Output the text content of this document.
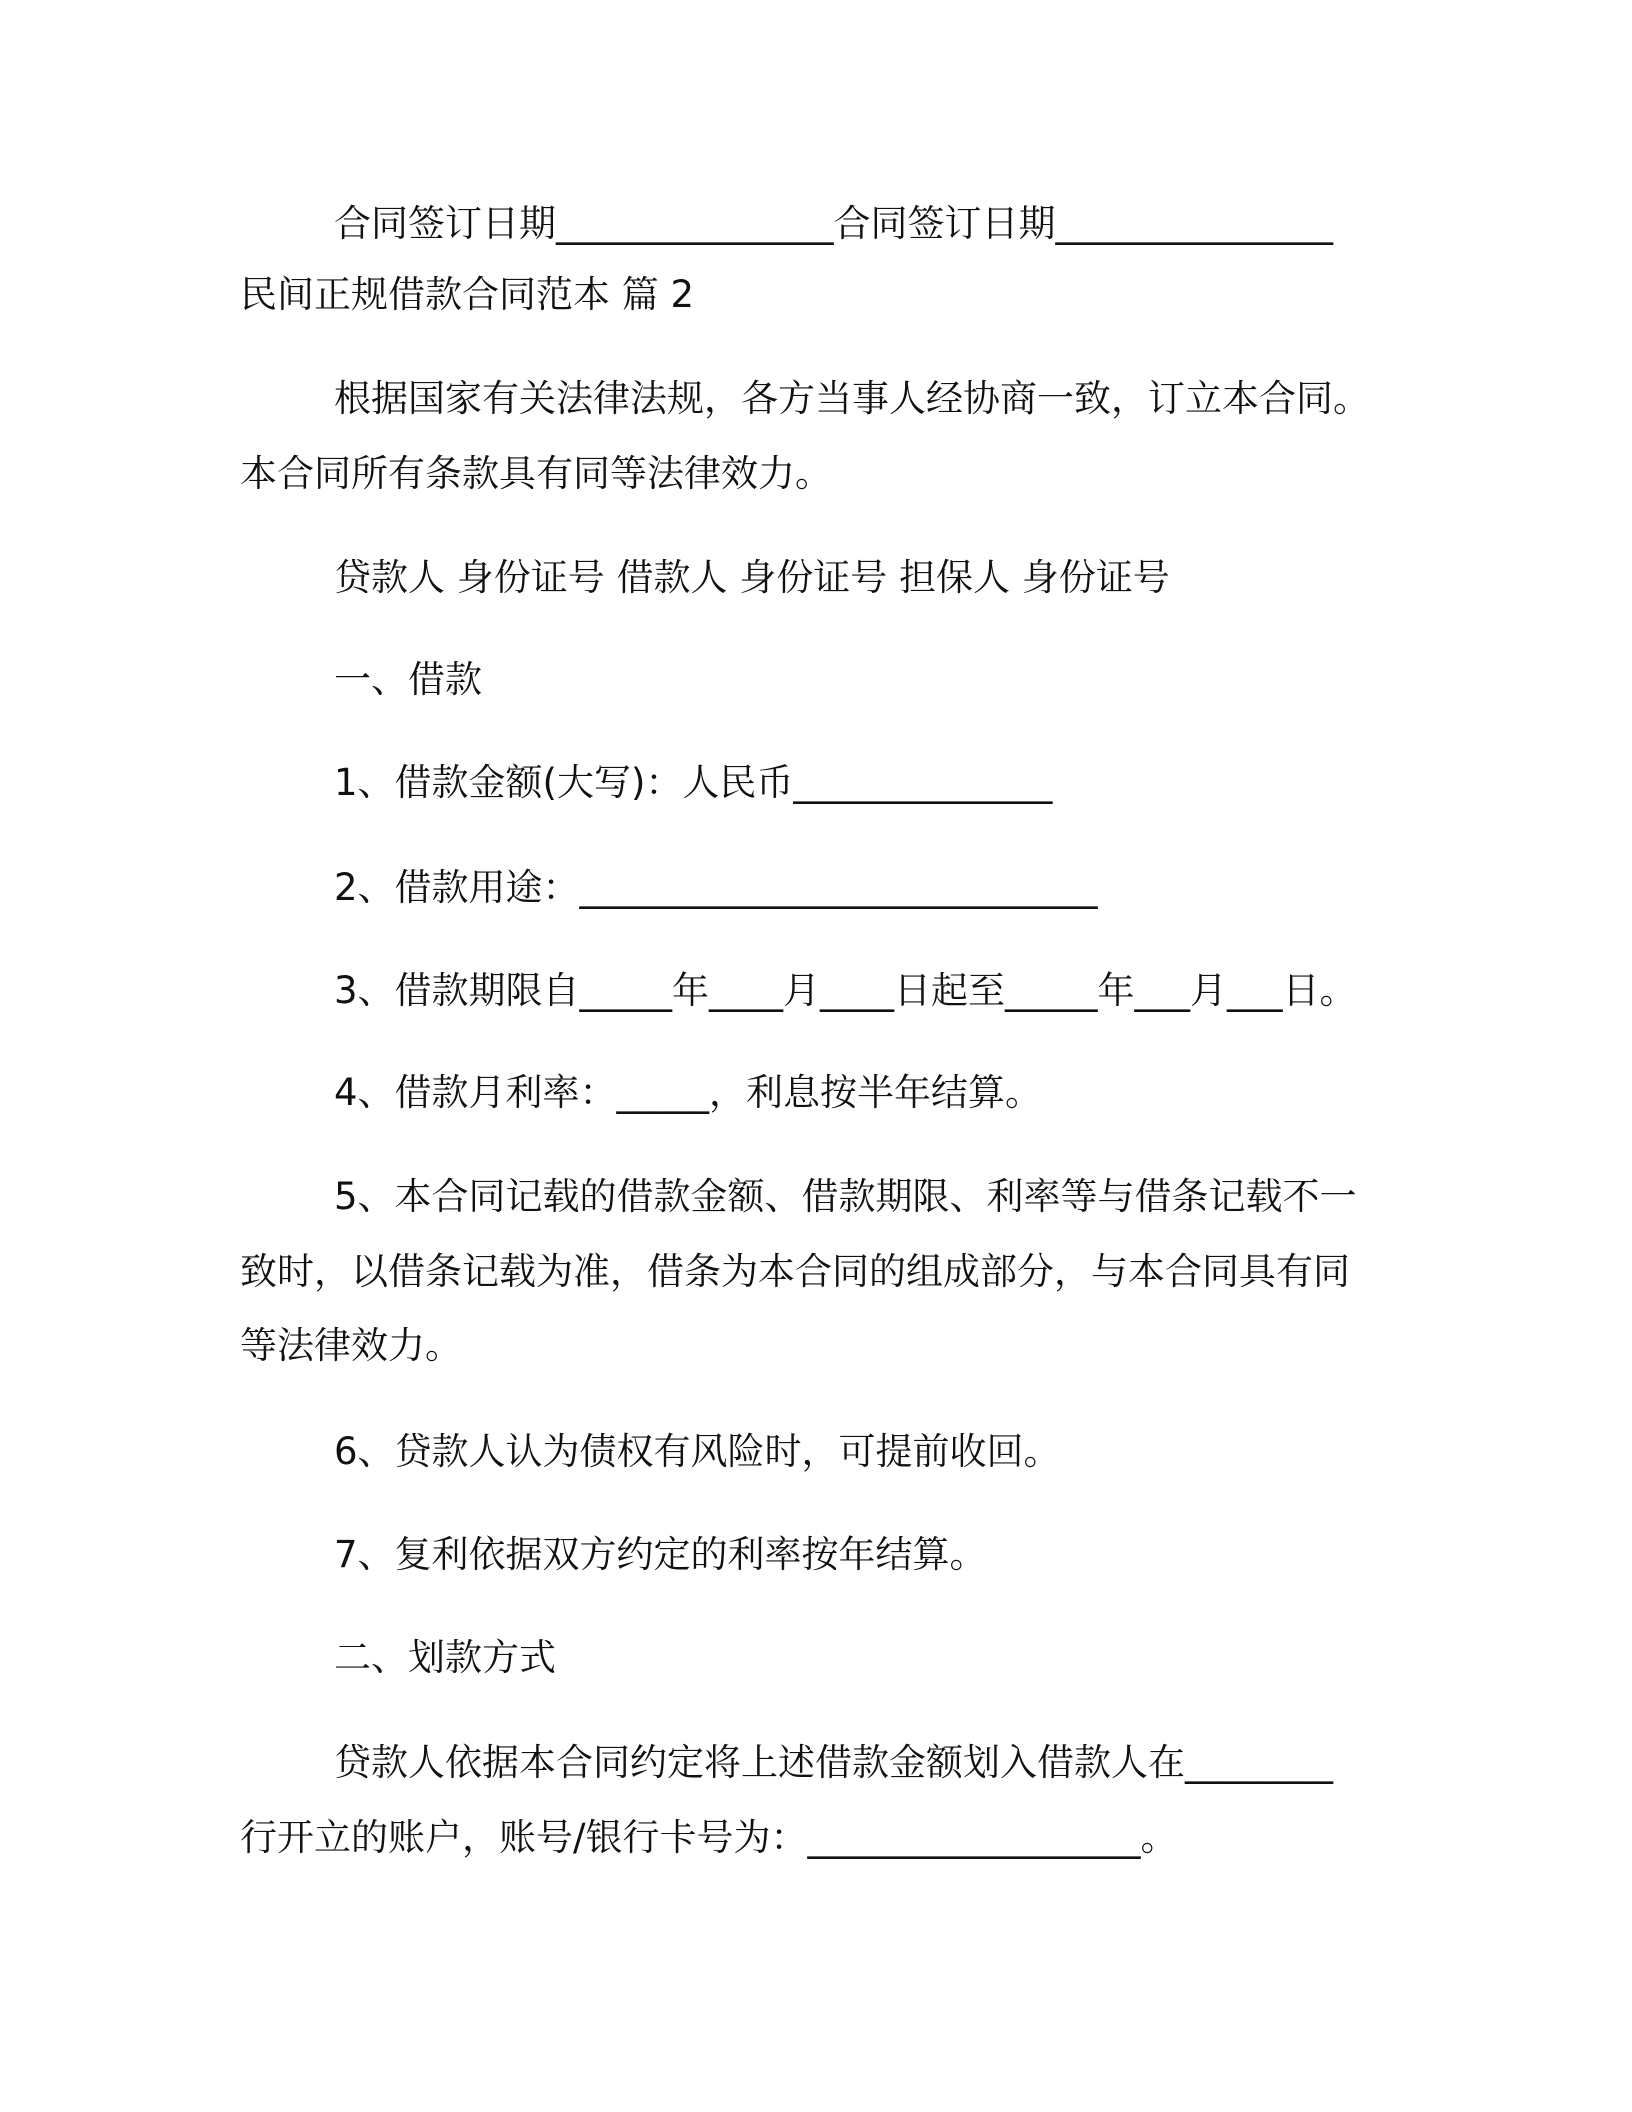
合同签订日期_______________合同签订日期_______________
民间正规借款合同范本 篇 2
根据国家有关法律法规，各方当事人经协商一致，订立本合同。
本合同所有条款具有同等法律效力。
贷款人 身份证号 借款人 身份证号 担保人 身份证号
一、借款
1、借款金额(大写)：人民币______________
2、借款用途：____________________________
3、借款期限自_____年____月____日起至_____年___月___日。
4、借款月利率：_____，利息按半年结算。
5、本合同记载的借款金额、借款期限、利率等与借条记载不一
致时，以借条记载为准，借条为本合同的组成部分，与本合同具有同
等法律效力。
6、贷款人认为债权有风险时，可提前收回。
7、复利依据双方约定的利率按年结算。
二、划款方式
贷款人依据本合同约定将上述借款金额划入借款人在________
行开立的账户，账号/银行卡号为：__________________。
